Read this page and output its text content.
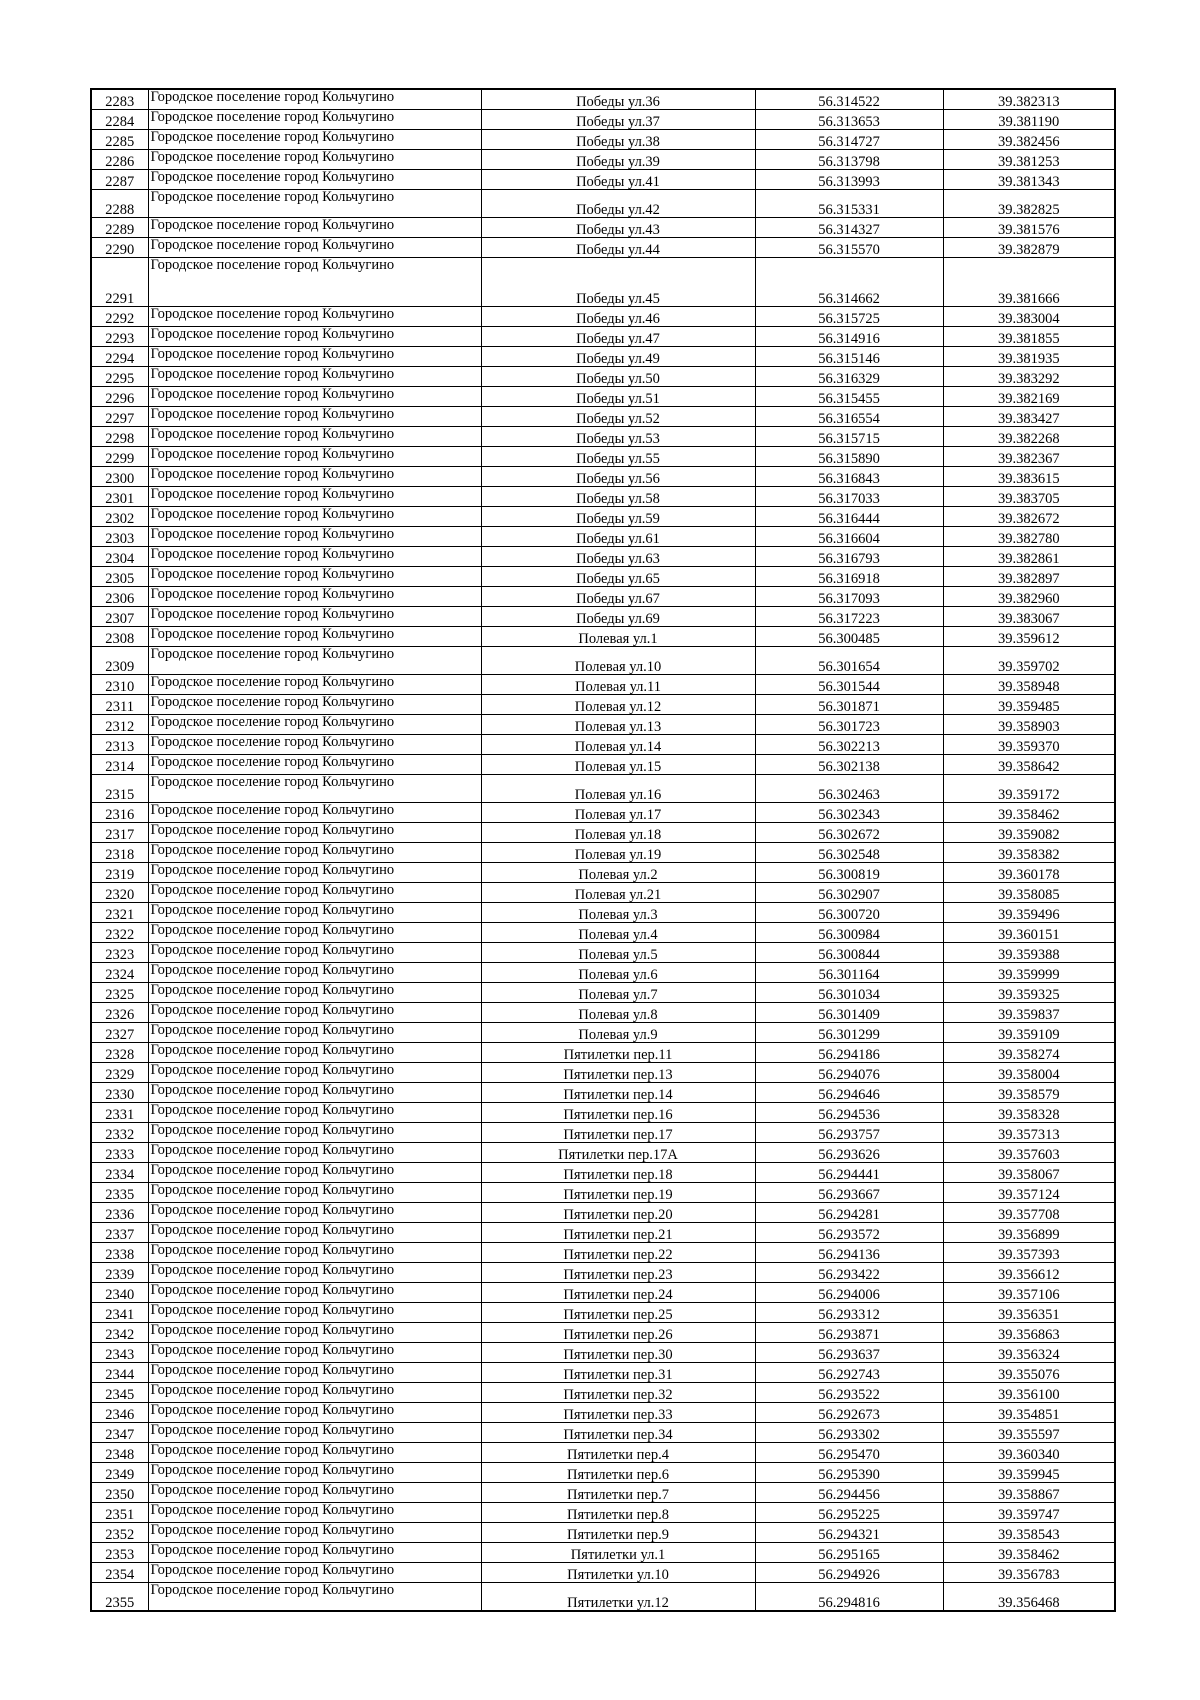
2283	Городское поселение город Кольчугино	Победы ул.36	56.314522	39.382313
2284	Городское поселение город Кольчугино	Победы ул.37	56.313653	39.381190
2285	Городское поселение город Кольчугино	Победы ул.38	56.314727	39.382456
2286	Городское поселение город Кольчугино	Победы ул.39	56.313798	39.381253
2287	Городское поселение город Кольчугино	Победы ул.41	56.313993	39.381343
2288	Городское поселение город Кольчугино	Победы ул.42	56.315331	39.382825
2289	Городское поселение город Кольчугино	Победы ул.43	56.314327	39.381576
2290	Городское поселение город Кольчугино	Победы ул.44	56.315570	39.382879
2291	Городское поселение город Кольчугино	Победы ул.45	56.314662	39.381666
2292	Городское поселение город Кольчугино	Победы ул.46	56.315725	39.383004
2293	Городское поселение город Кольчугино	Победы ул.47	56.314916	39.381855
2294	Городское поселение город Кольчугино	Победы ул.49	56.315146	39.381935
2295	Городское поселение город Кольчугино	Победы ул.50	56.316329	39.383292
2296	Городское поселение город Кольчугино	Победы ул.51	56.315455	39.382169
2297	Городское поселение город Кольчугино	Победы ул.52	56.316554	39.383427
2298	Городское поселение город Кольчугино	Победы ул.53	56.315715	39.382268
2299	Городское поселение город Кольчугино	Победы ул.55	56.315890	39.382367
2300	Городское поселение город Кольчугино	Победы ул.56	56.316843	39.383615
2301	Городское поселение город Кольчугино	Победы ул.58	56.317033	39.383705
2302	Городское поселение город Кольчугино	Победы ул.59	56.316444	39.382672
2303	Городское поселение город Кольчугино	Победы ул.61	56.316604	39.382780
2304	Городское поселение город Кольчугино	Победы ул.63	56.316793	39.382861
2305	Городское поселение город Кольчугино	Победы ул.65	56.316918	39.382897
2306	Городское поселение город Кольчугино	Победы ул.67	56.317093	39.382960
2307	Городское поселение город Кольчугино	Победы ул.69	56.317223	39.383067
2308	Городское поселение город Кольчугино	Полевая ул.1	56.300485	39.359612
2309	Городское поселение город Кольчугино	Полевая ул.10	56.301654	39.359702
2310	Городское поселение город Кольчугино	Полевая ул.11	56.301544	39.358948
2311	Городское поселение город Кольчугино	Полевая ул.12	56.301871	39.359485
2312	Городское поселение город Кольчугино	Полевая ул.13	56.301723	39.358903
2313	Городское поселение город Кольчугино	Полевая ул.14	56.302213	39.359370
2314	Городское поселение город Кольчугино	Полевая ул.15	56.302138	39.358642
2315	Городское поселение город Кольчугино	Полевая ул.16	56.302463	39.359172
2316	Городское поселение город Кольчугино	Полевая ул.17	56.302343	39.358462
2317	Городское поселение город Кольчугино	Полевая ул.18	56.302672	39.359082
2318	Городское поселение город Кольчугино	Полевая ул.19	56.302548	39.358382
2319	Городское поселение город Кольчугино	Полевая ул.2	56.300819	39.360178
2320	Городское поселение город Кольчугино	Полевая ул.21	56.302907	39.358085
2321	Городское поселение город Кольчугино	Полевая ул.3	56.300720	39.359496
2322	Городское поселение город Кольчугино	Полевая ул.4	56.300984	39.360151
2323	Городское поселение город Кольчугино	Полевая ул.5	56.300844	39.359388
2324	Городское поселение город Кольчугино	Полевая ул.6	56.301164	39.359999
2325	Городское поселение город Кольчугино	Полевая ул.7	56.301034	39.359325
2326	Городское поселение город Кольчугино	Полевая ул.8	56.301409	39.359837
2327	Городское поселение город Кольчугино	Полевая ул.9	56.301299	39.359109
2328	Городское поселение город Кольчугино	Пятилетки пер.11	56.294186	39.358274
2329	Городское поселение город Кольчугино	Пятилетки пер.13	56.294076	39.358004
2330	Городское поселение город Кольчугино	Пятилетки пер.14	56.294646	39.358579
2331	Городское поселение город Кольчугино	Пятилетки пер.16	56.294536	39.358328
2332	Городское поселение город Кольчугино	Пятилетки пер.17	56.293757	39.357313
2333	Городское поселение город Кольчугино	Пятилетки пер.17А	56.293626	39.357603
2334	Городское поселение город Кольчугино	Пятилетки пер.18	56.294441	39.358067
2335	Городское поселение город Кольчугино	Пятилетки пер.19	56.293667	39.357124
2336	Городское поселение город Кольчугино	Пятилетки пер.20	56.294281	39.357708
2337	Городское поселение город Кольчугино	Пятилетки пер.21	56.293572	39.356899
2338	Городское поселение город Кольчугино	Пятилетки пер.22	56.294136	39.357393
2339	Городское поселение город Кольчугино	Пятилетки пер.23	56.293422	39.356612
2340	Городское поселение город Кольчугино	Пятилетки пер.24	56.294006	39.357106
2341	Городское поселение город Кольчугино	Пятилетки пер.25	56.293312	39.356351
2342	Городское поселение город Кольчугино	Пятилетки пер.26	56.293871	39.356863
2343	Городское поселение город Кольчугино	Пятилетки пер.30	56.293637	39.356324
2344	Городское поселение город Кольчугино	Пятилетки пер.31	56.292743	39.355076
2345	Городское поселение город Кольчугино	Пятилетки пер.32	56.293522	39.356100
2346	Городское поселение город Кольчугино	Пятилетки пер.33	56.292673	39.354851
2347	Городское поселение город Кольчугино	Пятилетки пер.34	56.293302	39.355597
2348	Городское поселение город Кольчугино	Пятилетки пер.4	56.295470	39.360340
2349	Городское поселение город Кольчугино	Пятилетки пер.6	56.295390	39.359945
2350	Городское поселение город Кольчугино	Пятилетки пер.7	56.294456	39.358867
2351	Городское поселение город Кольчугино	Пятилетки пер.8	56.295225	39.359747
2352	Городское поселение город Кольчугино	Пятилетки пер.9	56.294321	39.358543
2353	Городское поселение город Кольчугино	Пятилетки ул.1	56.295165	39.358462
2354	Городское поселение город Кольчугино	Пятилетки ул.10	56.294926	39.356783
2355	Городское поселение город Кольчугино	Пятилетки ул.12	56.294816	39.356468
